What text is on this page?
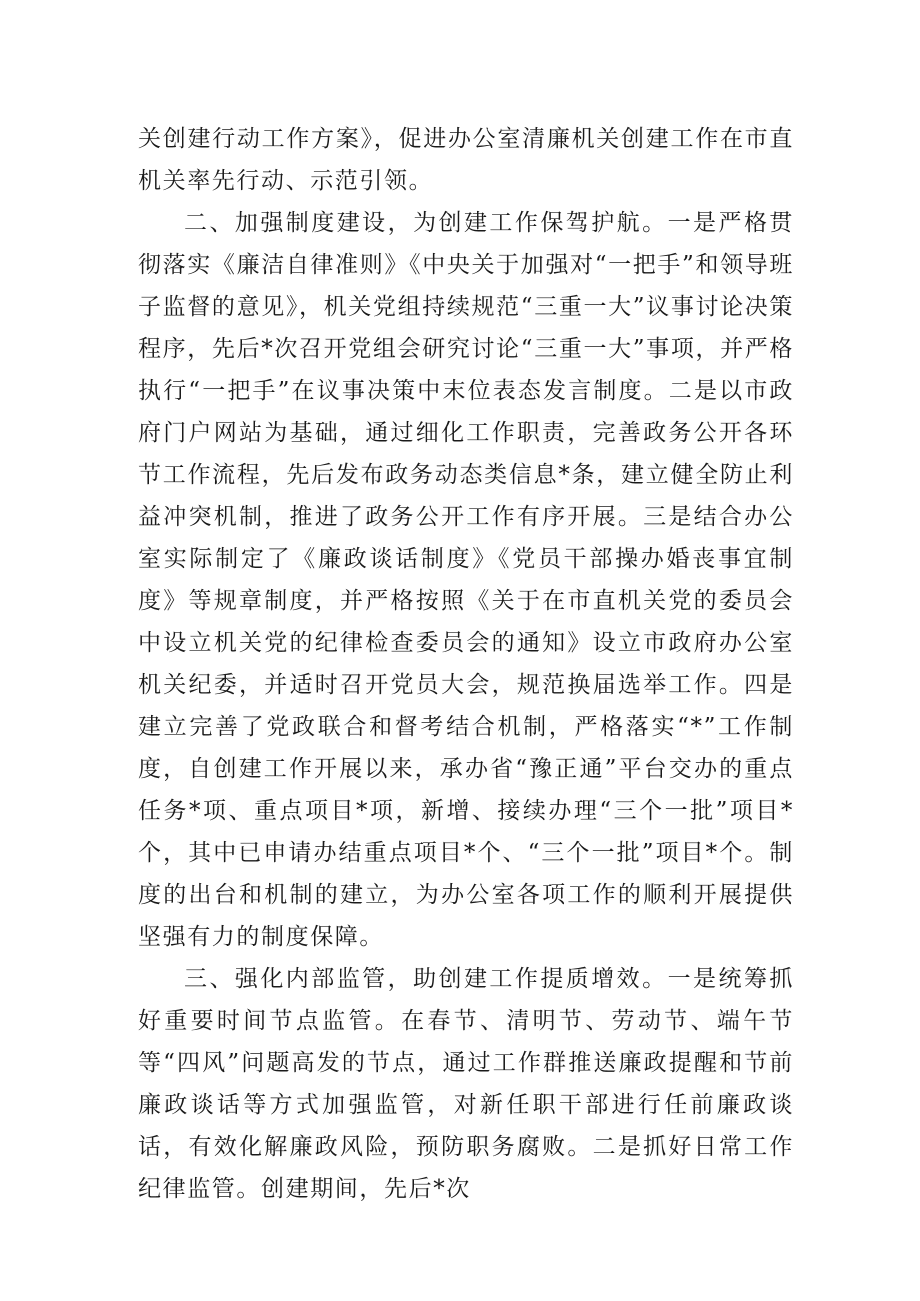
关创建行动工作方案》，促进办公室清廉机关创建工作在市直机关率先行动、示范引领。

二、加强制度建设，为创建工作保驾护航。一是严格贯彻落实《廉洁自律准则》《中央关于加强对“一把手”和领导班子监督的意见》，机关党组持续规范“三重一大”议事讨论决策程序，先后*次召开党组会研究讨论“三重一大”事项，并严格执行“一把手”在议事决策中末位表态发言制度。二是以市政府门户网站为基础，通过细化工作职责，完善政务公开各环节工作流程，先后发布政务动态类信息*条，建立健全防止利益冲突机制，推进了政务公开工作有序开展。三是结合办公室实际制定了《廉政谈话制度》《党员干部操办婚丧事宜制度》等规章制度，并严格按照《关于在市直机关党的委员会中设立机关党的纪律检查委员会的通知》设立市政府办公室机关纪委，并适时召开党员大会，规范换届选举工作。四是建立完善了党政联合和督考结合机制，严格落实“*”工作制度，自创建工作开展以来，承办省“豫正通”平台交办的重点任务*项、重点项目*项，新增、接续办理“三个一批”项目*个，其中已申请办结重点项目*个、“三个一批”项目*个。制度的出台和机制的建立，为办公室各项工作的顺利开展提供坚强有力的制度保障。

三、强化内部监管，助创建工作提质增效。一是统筹抓好重要时间节点监管。在春节、清明节、劳动节、端午节等“四风”问题高发的节点，通过工作群推送廉政提醒和节前廉政谈话等方式加强监管，对新任职干部进行任前廉政谈话，有效化解廉政风险，预防职务腐败。二是抓好日常工作纪律监管。创建期间，先后*次
